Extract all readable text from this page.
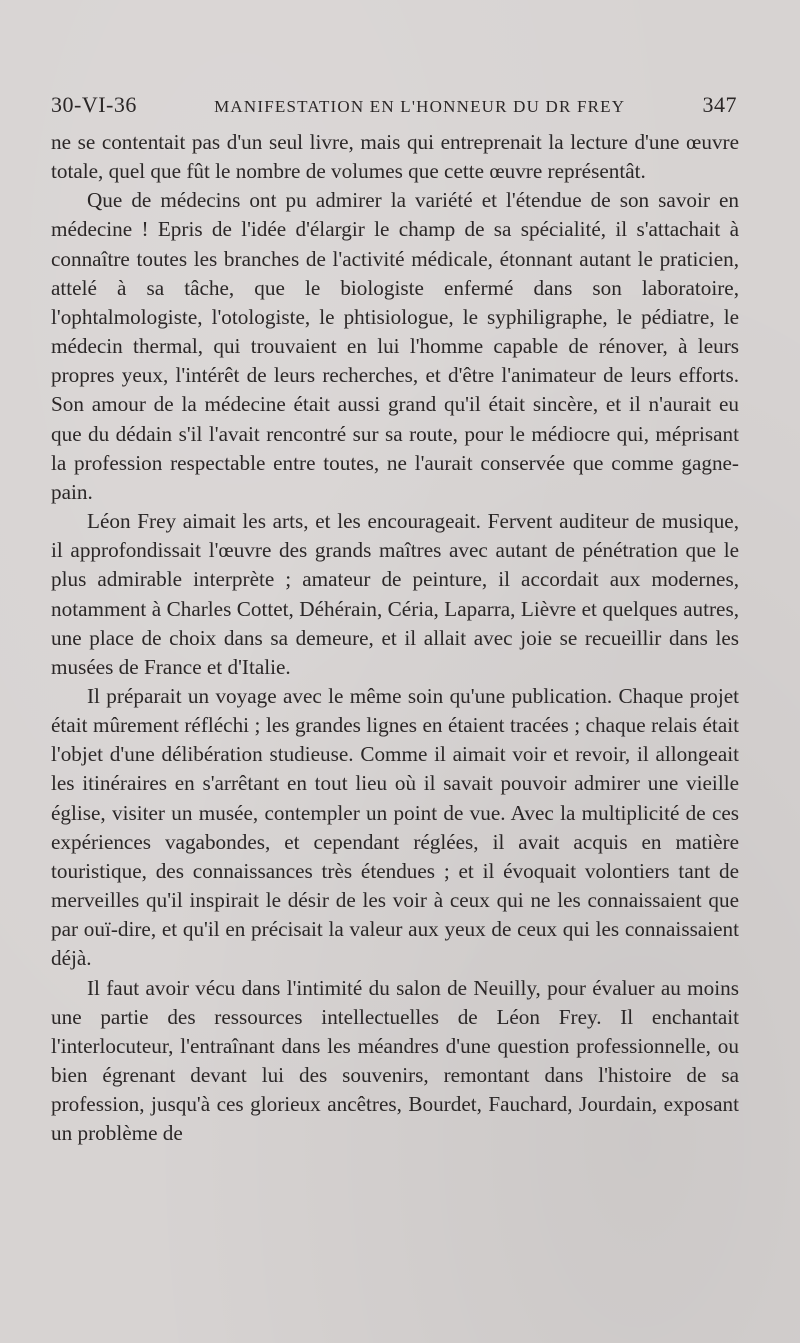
30-VI-36	MANIFESTATION EN L'HONNEUR DU DR FREY	347

ne se contentait pas d'un seul livre, mais qui entreprenait la lecture d'une œuvre totale, quel que fût le nombre de volumes que cette œuvre représentât.

Que de médecins ont pu admirer la variété et l'étendue de son savoir en médecine ! Epris de l'idée d'élargir le champ de sa spécialité, il s'attachait à connaître toutes les branches de l'activité médicale, étonnant autant le praticien, attelé à sa tâche, que le biologiste enfermé dans son laboratoire, l'ophtalmologiste, l'otologiste, le phtisiologue, le syphiligraphe, le pédiatre, le médecin thermal, qui trouvaient en lui l'homme capable de rénover, à leurs propres yeux, l'intérêt de leurs recherches, et d'être l'animateur de leurs efforts. Son amour de la médecine était aussi grand qu'il était sincère, et il n'aurait eu que du dédain s'il l'avait rencontré sur sa route, pour le médiocre qui, méprisant la profession respectable entre toutes, ne l'aurait conservée que comme gagne-pain.

Léon Frey aimait les arts, et les encourageait. Fervent auditeur de musique, il approfondissait l'œuvre des grands maîtres avec autant de pénétration que le plus admirable interprète ; amateur de peinture, il accordait aux modernes, notamment à Charles Cottet, Déhérain, Céria, Laparra, Lièvre et quelques autres, une place de choix dans sa demeure, et il allait avec joie se recueillir dans les musées de France et d'Italie.

Il préparait un voyage avec le même soin qu'une publication. Chaque projet était mûrement réfléchi ; les grandes lignes en étaient tracées ; chaque relais était l'objet d'une délibération studieuse. Comme il aimait voir et revoir, il allongeait les itinéraires en s'arrêtant en tout lieu où il savait pouvoir admirer une vieille église, visiter un musée, contempler un point de vue. Avec la multiplicité de ces expériences vagabondes, et cependant réglées, il avait acquis en matière touristique, des connaissances très étendues ; et il évoquait volontiers tant de merveilles qu'il inspirait le désir de les voir à ceux qui ne les connaissaient que par ouï-dire, et qu'il en précisait la valeur aux yeux de ceux qui les connaissaient déjà.

Il faut avoir vécu dans l'intimité du salon de Neuilly, pour évaluer au moins une partie des ressources intellectuelles de Léon Frey. Il enchantait l'interlocuteur, l'entraînant dans les méandres d'une question professionnelle, ou bien égrenant devant lui des souvenirs, remontant dans l'histoire de sa profession, jusqu'à ces glorieux ancêtres, Bourdet, Fauchard, Jourdain, exposant un problème de
